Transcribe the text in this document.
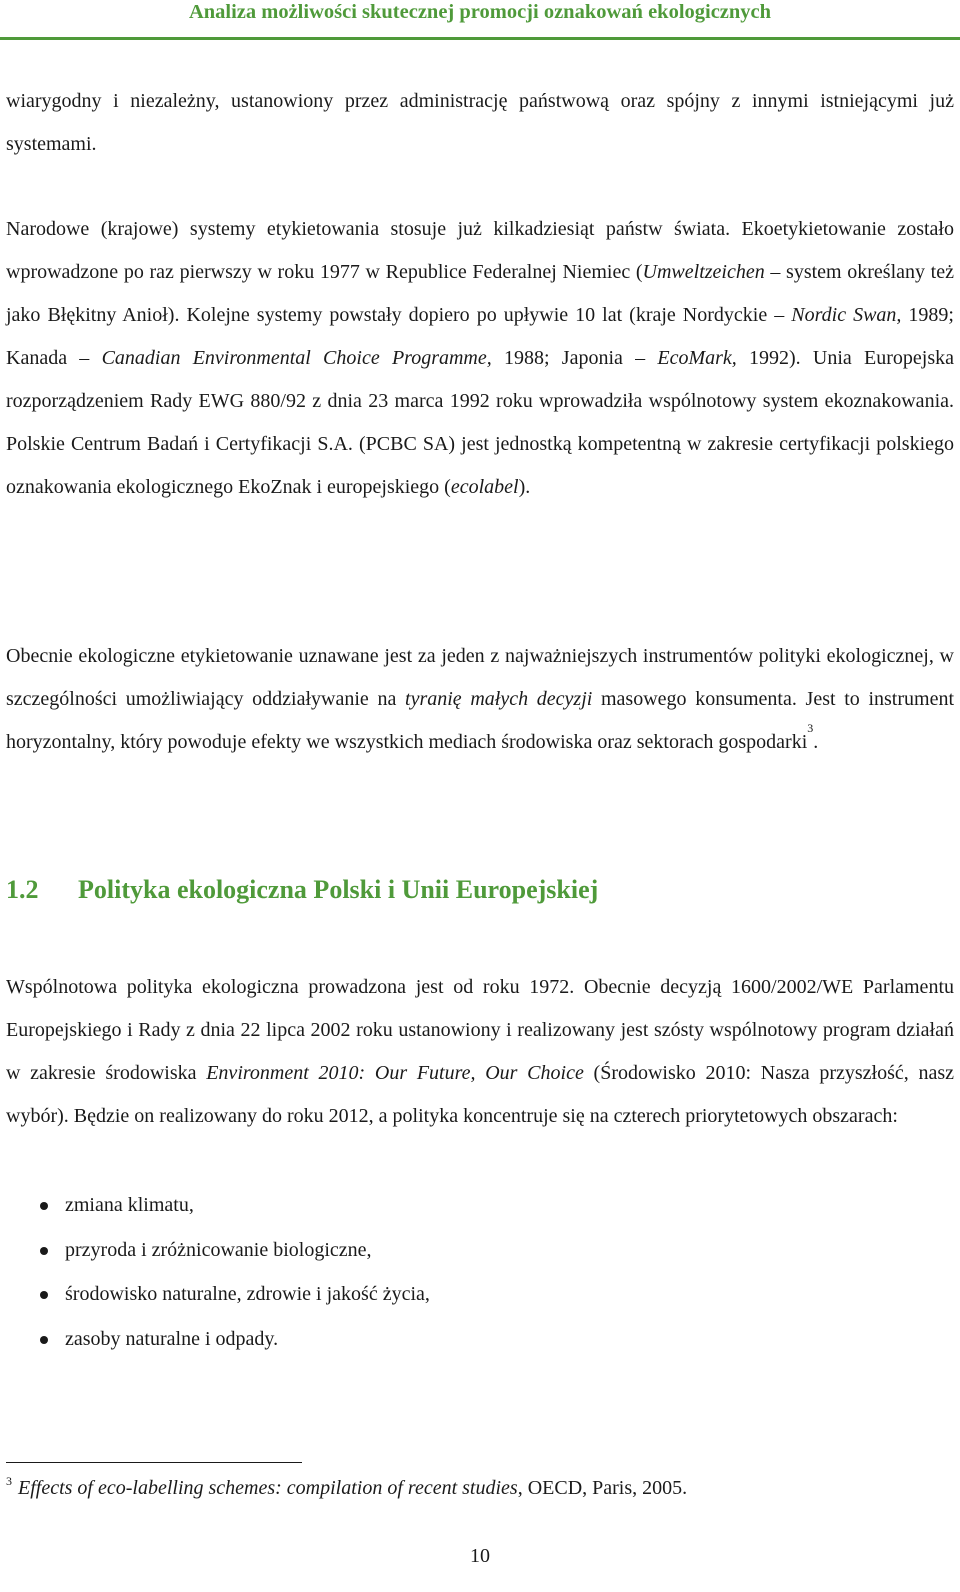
Analiza możliwości skutecznej promocji oznakowań ekologicznych

wiarygodny i niezależny, ustanowiony przez administrację państwową oraz spójny z innymi istniejącymi już systemami.

Narodowe (krajowe) systemy etykietowania stosuje już kilkadziesiąt państw świata. Ekoetykietowanie zostało wprowadzone po raz pierwszy w roku 1977 w Republice Federalnej Niemiec (Umweltzeichen – system określany też jako Błękitny Anioł). Kolejne systemy powstały dopiero po upływie 10 lat (kraje Nordyckie – Nordic Swan, 1989; Kanada – Canadian Environmental Choice Programme, 1988; Japonia – EcoMark, 1992). Unia Europejska rozporządzeniem Rady EWG 880/92 z dnia 23 marca 1992 roku wprowadziła wspólnotowy system ekoznakowania. Polskie Centrum Badań i Certyfikacji S.A. (PCBC SA) jest jednostką kompetentną w zakresie certyfikacji polskiego oznakowania ekologicznego EkoZnak i europejskiego (ecolabel).

Obecnie ekologiczne etykietowanie uznawane jest za jeden z najważniejszych instrumentów polityki ekologicznej, w szczególności umożliwiający oddziaływanie na tyranię małych decyzji masowego konsumenta. Jest to instrument horyzontalny, który powoduje efekty we wszystkich mediach środowiska oraz sektorach gospodarki$^3$.

1.2 Polityka ekologiczna Polski i Unii Europejskiej

Wspólnotowa polityka ekologiczna prowadzona jest od roku 1972. Obecnie decyzją 1600/2002/WE Parlamentu Europejskiego i Rady z dnia 22 lipca 2002 roku ustanowiony i realizowany jest szósty wspólnotowy program działań w zakresie środowiska Environment 2010: Our Future, Our Choice (Środowisko 2010: Nasza przyszłość, nasz wybór). Będzie on realizowany do roku 2012, a polityka koncentruje się na czterech priorytetowych obszarach:

zmiana klimatu,
przyroda i zróżnicowanie biologiczne,
środowisko naturalne, zdrowie i jakość życia,
zasoby naturalne i odpady.
$^3$ Effects of eco-labelling schemes: compilation of recent studies, OECD, Paris, 2005.
10
